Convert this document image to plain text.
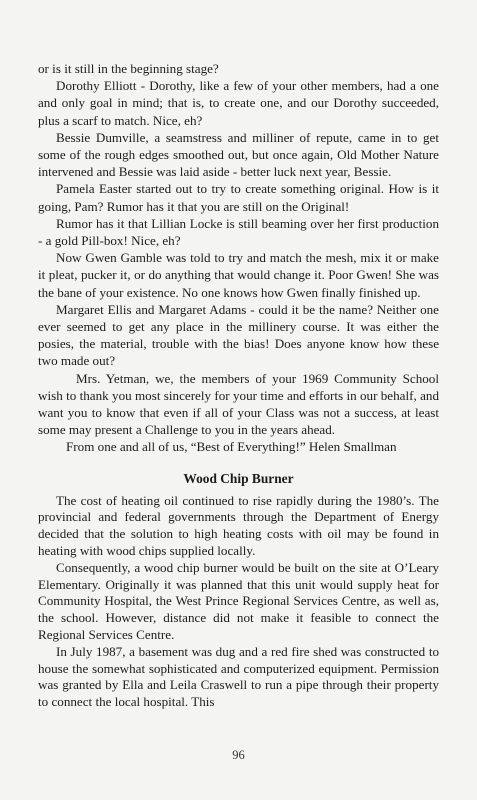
or is it still in the beginning stage?

Dorothy Elliott - Dorothy, like a few of your other members, had a one and only goal in mind; that is, to create one, and our Dorothy succeeded, plus a scarf to match. Nice, eh?

Bessie Dumville, a seamstress and milliner of repute, came in to get some of the rough edges smoothed out, but once again, Old Mother Nature intervened and Bessie was laid aside - better luck next year, Bessie.

Pamela Easter started out to try to create something original. How is it going, Pam? Rumor has it that you are still on the Original!

Rumor has it that Lillian Locke is still beaming over her first production - a gold Pill-box! Nice, eh?

Now Gwen Gamble was told to try and match the mesh, mix it or make it pleat, pucker it, or do anything that would change it. Poor Gwen! She was the bane of your existence. No one knows how Gwen finally finished up.

Margaret Ellis and Margaret Adams - could it be the name? Neither one ever seemed to get any place in the millinery course. It was either the posies, the material, trouble with the bias! Does anyone know how these two made out?

Mrs. Yetman, we, the members of your 1969 Community School wish to thank you most sincerely for your time and efforts in our behalf, and want you to know that even if all of your Class was not a success, at least some may present a Challenge to you in the years ahead.

From one and all of us, “Best of Everything!” Helen Smallman

Wood Chip Burner

The cost of heating oil continued to rise rapidly during the 1980’s. The provincial and federal governments through the Department of Energy decided that the solution to high heating costs with oil may be found in heating with wood chips supplied locally.

Consequently, a wood chip burner would be built on the site at O’Leary Elementary. Originally it was planned that this unit would supply heat for Community Hospital, the West Prince Regional Services Centre, as well as, the school. However, distance did not make it feasible to connect the Regional Services Centre.

In July 1987, a basement was dug and a red fire shed was constructed to house the somewhat sophisticated and computerized equipment. Permission was granted by Ella and Leila Craswell to run a pipe through their property to connect the local hospital. This

96
